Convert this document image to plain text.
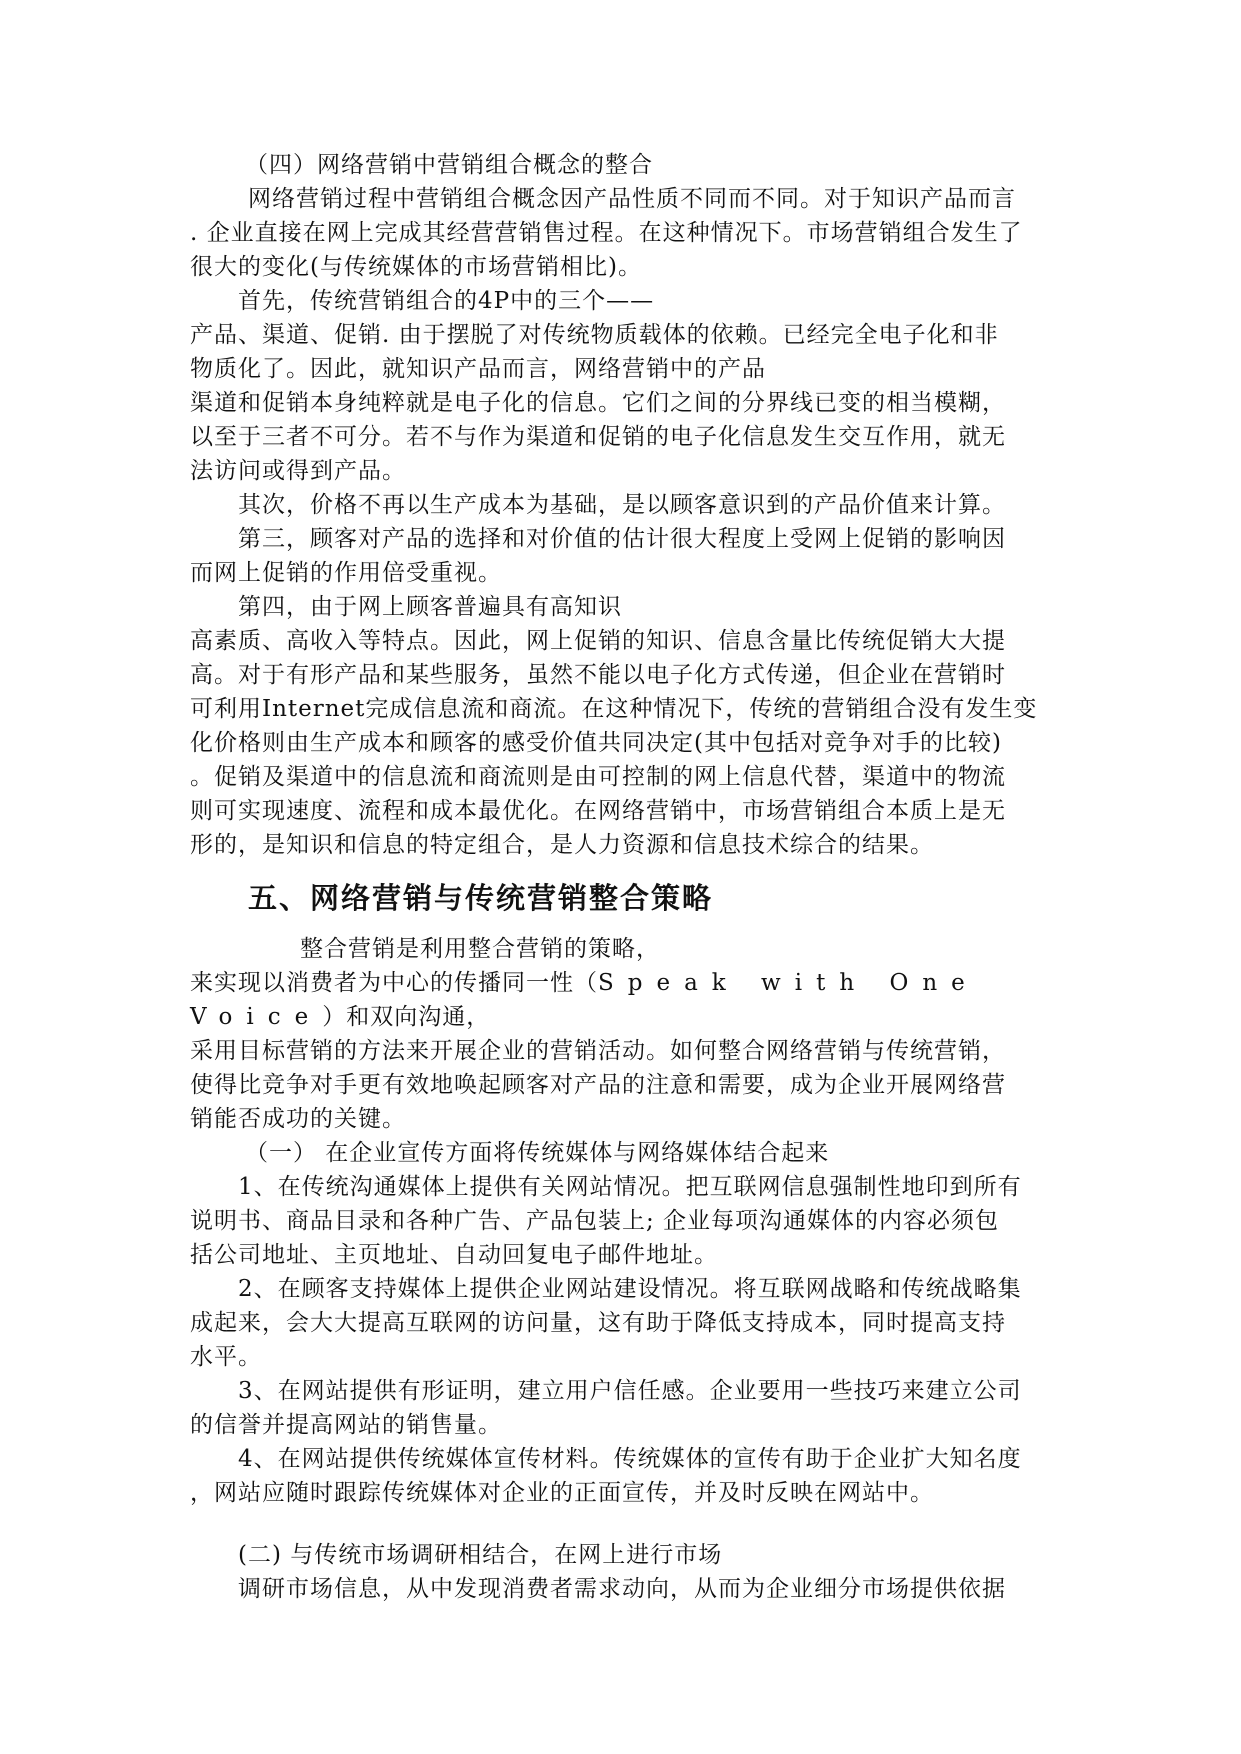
（四）网络营销中营销组合概念的整合
网络营销过程中营销组合概念因产品性质不同而不同。对于知识产品而言
. 企业直接在网上完成其经营营销售过程。在这种情况下。市场营销组合发生了
很大的变化(与传统媒体的市场营销相比)。
首先，传统营销组合的4P中的三个——
产品、渠道、促销. 由于摆脱了对传统物质载体的依赖。已经完全电子化和非
物质化了。因此，就知识产品而言，网络营销中的产品
渠道和促销本身纯粹就是电子化的信息。它们之间的分界线已变的相当模糊，
以至于三者不可分。若不与作为渠道和促销的电子化信息发生交互作用，就无
法访问或得到产品。
其次，价格不再以生产成本为基础，是以顾客意识到的产品价值来计算。
第三，顾客对产品的选择和对价值的估计很大程度上受网上促销的影响因
而网上促销的作用倍受重视。
第四，由于网上顾客普遍具有高知识
高素质、高收入等特点。因此，网上促销的知识、信息含量比传统促销大大提
高。对于有形产品和某些服务，虽然不能以电子化方式传递，但企业在营销时
可利用Internet完成信息流和商流。在这种情况下，传统的营销组合没有发生变
化价格则由生产成本和顾客的感受价值共同决定(其中包括对竞争对手的比较)
。促销及渠道中的信息流和商流则是由可控制的网上信息代替，渠道中的物流
则可实现速度、流程和成本最优化。在网络营销中，市场营销组合本质上是无
形的，是知识和信息的特定组合，是人力资源和信息技术综合的结果。
五、网络营销与传统营销整合策略
整合营销是利用整合营销的策略，
来实现以消费者为中心的传播同一性（Speak with One
Voice）和双向沟通，
采用目标营销的方法来开展企业的营销活动。如何整合网络营销与传统营销，
使得比竞争对手更有效地唤起顾客对产品的注意和需要，成为企业开展网络营
销能否成功的关键。
（一） 在企业宣传方面将传统媒体与网络媒体结合起来
1、在传统沟通媒体上提供有关网站情况。把互联网信息强制性地印到所有
说明书、商品目录和各种广告、产品包装上; 企业每项沟通媒体的内容必须包
括公司地址、主页地址、自动回复电子邮件地址。
2、在顾客支持媒体上提供企业网站建设情况。将互联网战略和传统战略集
成起来，会大大提高互联网的访问量，这有助于降低支持成本，同时提高支持
水平。
3、在网站提供有形证明，建立用户信任感。企业要用一些技巧来建立公司
的信誉并提高网站的销售量。
4、在网站提供传统媒体宣传材料。传统媒体的宣传有助于企业扩大知名度
，网站应随时跟踪传统媒体对企业的正面宣传，并及时反映在网站中。
(二) 与传统市场调研相结合，在网上进行市场
调研市场信息，从中发现消费者需求动向，从而为企业细分市场提供依据
